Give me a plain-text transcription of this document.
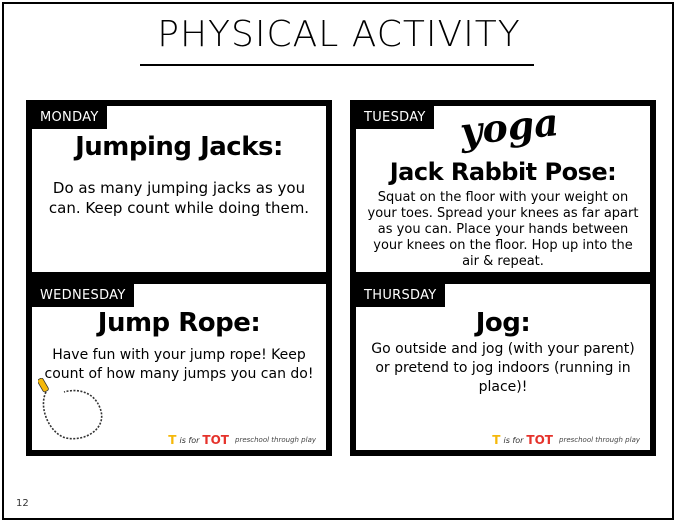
PHYSICAL ACTIVITY
MONDAY
Jumping Jacks:
Do as many jumping jacks as you can. Keep count while doing them.
TUESDAY yoga
Jack Rabbit Pose:
Squat on the floor with your weight on your toes. Spread your knees as far apart as you can. Place your hands between your knees on the floor. Hop up into the air & repeat.
WEDNESDAY
Jump Rope:
Have fun with your jump rope! Keep count of how many jumps you can do!
T is for TOT preschool through play
THURSDAY
Jog:
Go outside and jog (with your parent) or pretend to jog indoors (running in place)!
T is for TOT preschool through play
12
